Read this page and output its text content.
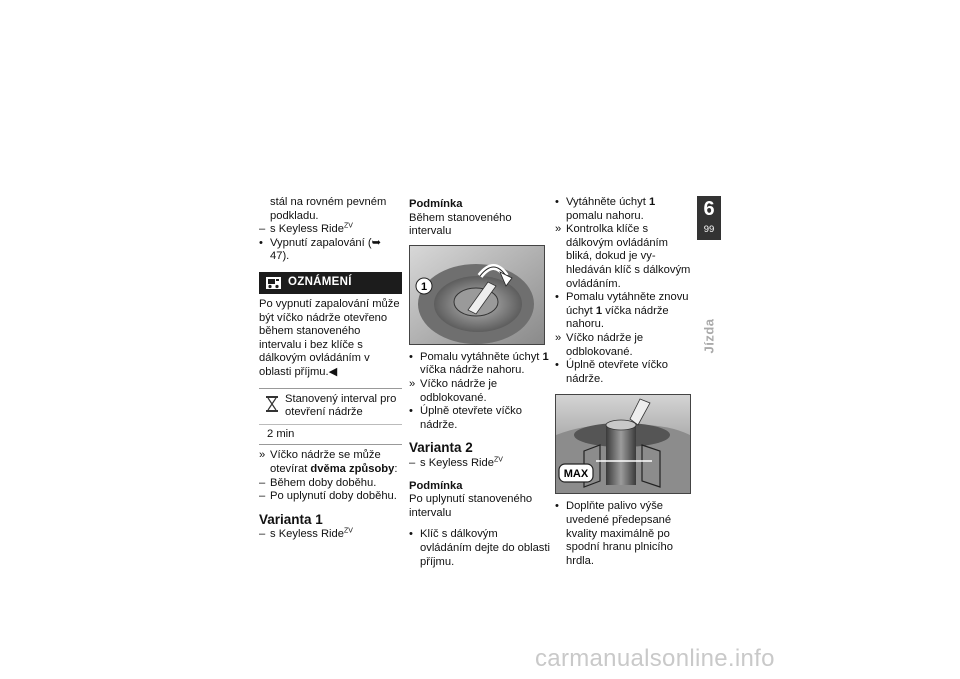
stál na rovném pevném podkladu.

– s Keyless Ride$^{ZV}$

• Vypnutí zapalování (➥ 47).

OZNÁMENÍ

Po vypnutí zapalování může být víčko nádrže otevřeno během stanoveného intervalu i bez klíče s dálkovým ovládáním v oblasti příjmu.◀

Stanovený interval pro otevření nádrže
2 min

» Víčko nádrže se může otevírat dvěma způsoby:

– Během doby doběhu.

– Po uplynutí doby doběhu.

Varianta 1

– s Keyless Ride$^{ZV}$

Podmínka

Během stanoveného intervalu

1

• Pomalu vytáhněte úchyt 1 víčka nádrže nahoru.

» Víčko nádrže je odblokované.

• Úplně otevřete víčko nádrže.

Varianta 2

– s Keyless Ride$^{ZV}$

Podmínka

Po uplynutí stanoveného intervalu

• Klíč s dálkovým ovládáním dejte do oblasti příjmu.

• Vytáhněte úchyt 1 pomalu nahoru.

» Kontrolka klíče s dálkovým ovládáním bliká, dokud je vyhledáván klíč s dálkovým ovládáním.

• Pomalu vytáhněte znovu úchyt 1 víčka nádrže nahoru.

» Víčko nádrže je odblokované.

• Úplně otevřete víčko nádrže.

MAX

• Doplňte palivo výše uvedené předepsané kvality maximálně po spodní hranu plnicího hrdla.

6
99
Jízda
carmanualsonline.info
